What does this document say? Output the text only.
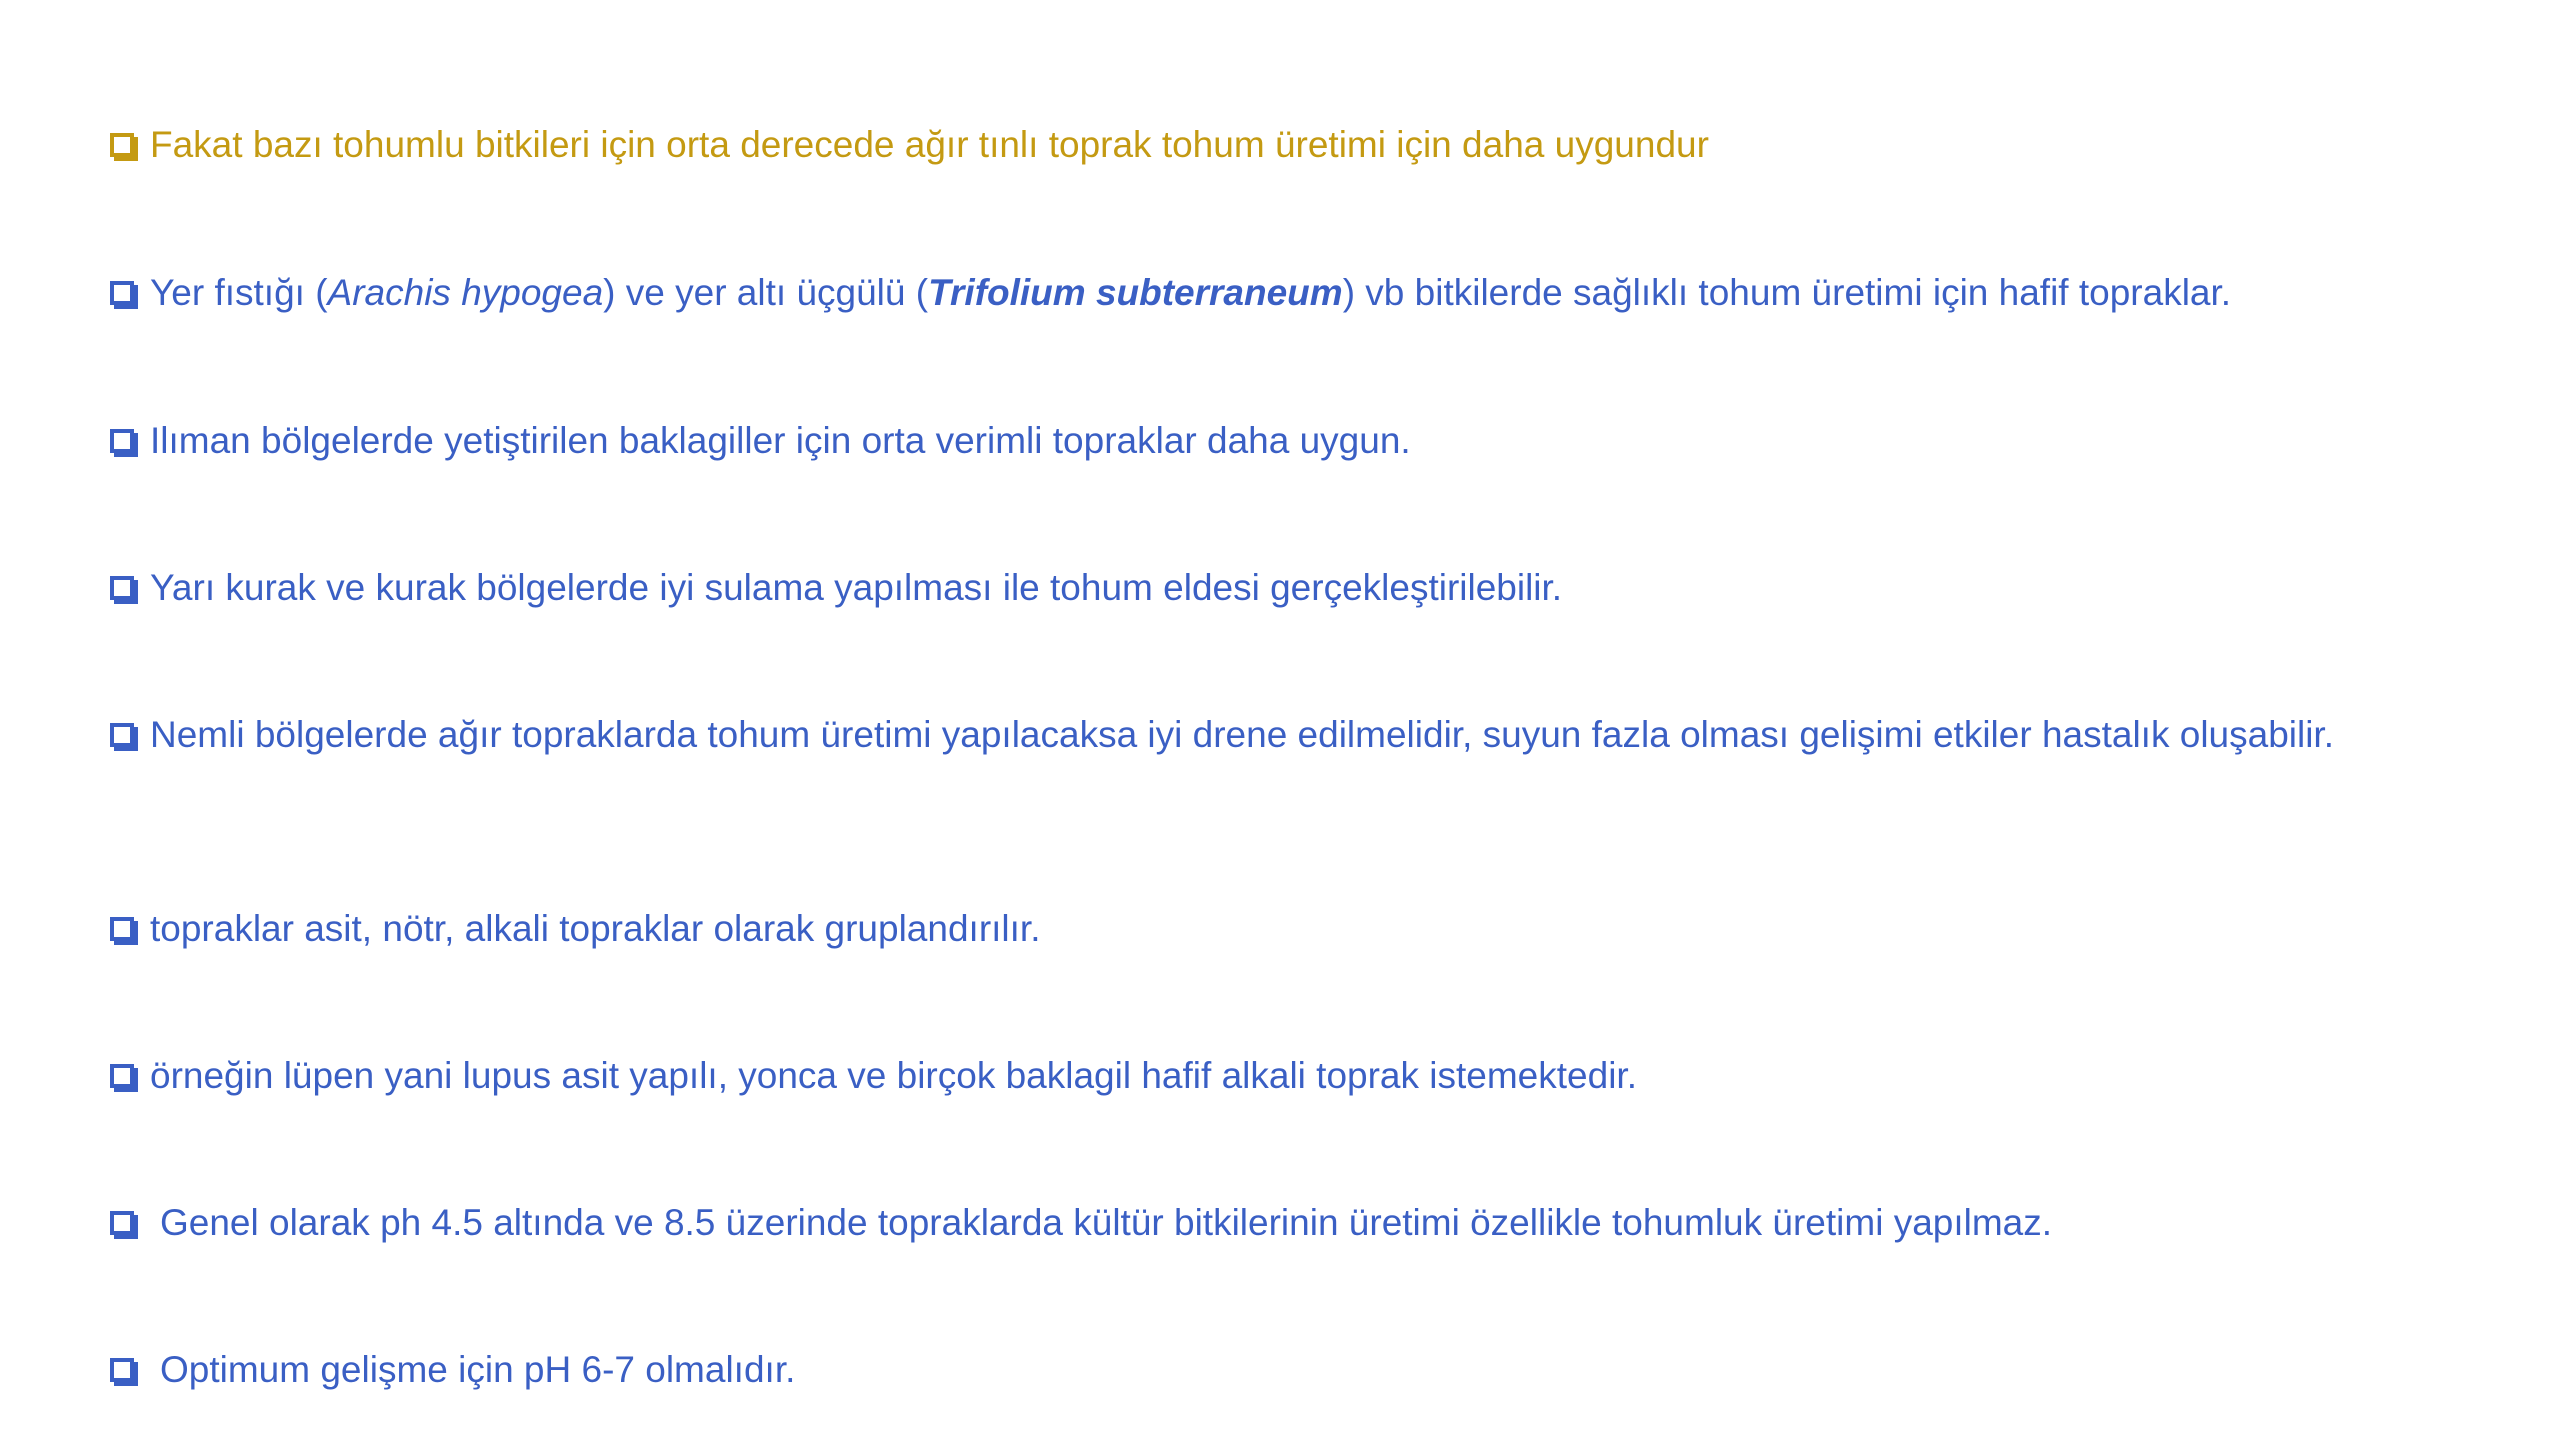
Fakat bazı tohumlu bitkileri için orta derecede ağır tınlı toprak tohum üretimi için daha uygundur
Yer fıstığı (Arachis hypogea) ve yer altı üçgülü (Trifolium subterraneum) vb bitkilerde sağlıklı tohum üretimi için hafif topraklar.
Ilıman bölgelerde yetiştirilen baklagiller için orta verimli topraklar daha uygun.
Yarı kurak ve kurak bölgelerde iyi sulama yapılması ile tohum eldesi gerçekleştirilebilir.
Nemli bölgelerde ağır topraklarda tohum üretimi yapılacaksa iyi drene edilmelidir, suyun fazla olması gelişimi etkiler hastalık oluşabilir.
topraklar asit, nötr, alkali topraklar olarak gruplandırılır.
örneğin lüpen yani lupus asit yapılı, yonca ve birçok baklagil hafif alkali toprak istemektedir.
Genel olarak ph 4.5 altında ve 8.5 üzerinde topraklarda kültür bitkilerinin üretimi özellikle tohumluk üretimi yapılmaz.
Optimum gelişme için pH 6-7 olmalıdır.
